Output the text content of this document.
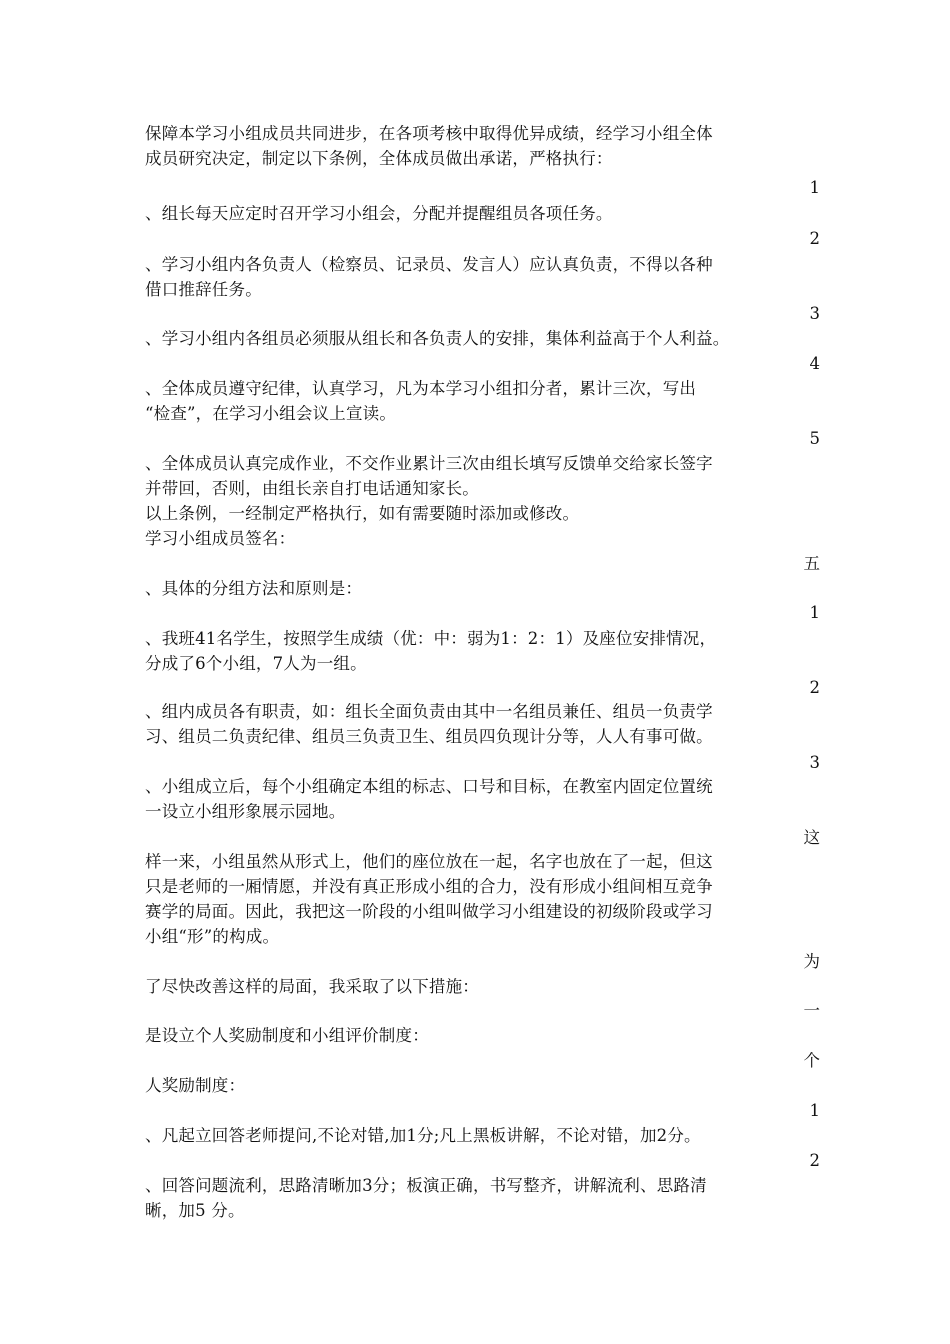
保障本学习小组成员共同进步，在各项考核中取得优异成绩，经学习小组全体
成员研究决定，制定以下条例，全体成员做出承诺，严格执行：
1
、组长每天应定时召开学习小组会，分配并提醒组员各项任务。
2
、学习小组内各负责人（检察员、记录员、发言人）应认真负责，不得以各种
借口推辞任务。
3
、学习小组内各组员必须服从组长和各负责人的安排，集体利益高于个人利益。
4
、全体成员遵守纪律，认真学习，凡为本学习小组扣分者，累计三次，写出
“检查”，在学习小组会议上宣读。
5
、全体成员认真完成作业，不交作业累计三次由组长填写反馈单交给家长签字
并带回，否则，由组长亲自打电话通知家长。
以上条例，一经制定严格执行，如有需要随时添加或修改。
学习小组成员签名：
五
、具体的分组方法和原则是：
1
、我班41名学生，按照学生成绩（优：中：弱为1：2：1）及座位安排情况，
分成了6个小组，7人为一组。
2
、组内成员各有职责，如：组长全面负责由其中一名组员兼任、组员一负责学
习、组员二负责纪律、组员三负责卫生、组员四负现计分等，人人有事可做。
3
、小组成立后，每个小组确定本组的标志、口号和目标，在教室内固定位置统
一设立小组形象展示园地。
这
样一来，小组虽然从形式上，他们的座位放在一起，名字也放在了一起，但这
只是老师的一厢情愿，并没有真正形成小组的合力，没有形成小组间相互竞争
赛学的局面。因此，我把这一阶段的小组叫做学习小组建设的初级阶段或学习
小组“形”的构成。
为
了尽快改善这样的局面，我采取了以下措施：
一
是设立个人奖励制度和小组评价制度：
个
人奖励制度：
1
、凡起立回答老师提问,不论对错,加1分;凡上黑板讲解，不论对错，加2分。
2
、回答问题流利，思路清晰加3分；板演正确，书写整齐，讲解流利、思路清
晰，加5 分。
